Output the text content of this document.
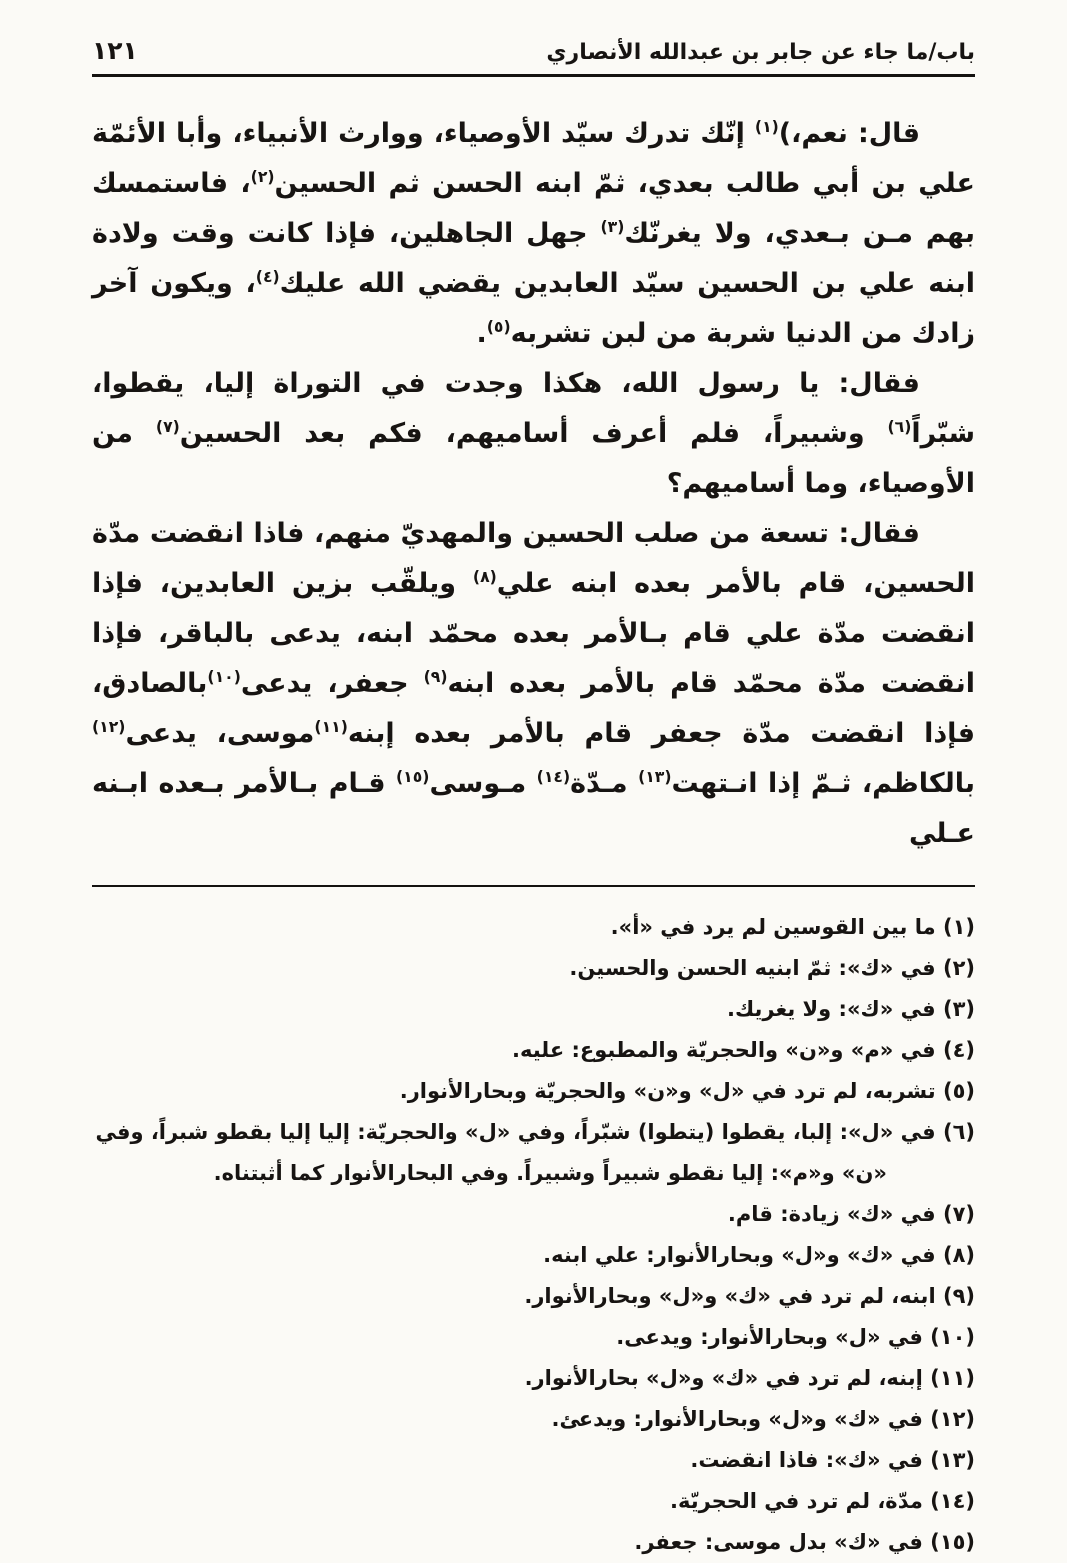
باب/ما جاء عن جابر بن عبدالله الأنصاري
١٢١

قال: نعم،)$^{(١)}$ إنّك تدرك سيّد الأوصياء، ووارث الأنبياء، وأبا الأئمّة علي بن أبي طالب بعدي، ثمّ ابنه الحسن ثم الحسين$^{(٢)}$، فاستمسك بهم مـن بـعدي، ولا يغرنّك$^{(٣)}$ جهل الجاهلين، فإذا كانت وقت ولادة ابنه علي بن الحسين سيّد العابدين يقضي الله عليك$^{(٤)}$، ويكون آخر زادك من الدنيا شربة من لبن تشربه$^{(٥)}$.

فقال: يا رسول الله، هكذا وجدت في التوراة إليا، يقطوا، شبّراً$^{(٦)}$ وشبيراً، فلم أعرف أساميهم، فكم بعد الحسين$^{(٧)}$ من الأوصياء، وما أساميهم؟

فقال: تسعة من صلب الحسين والمهديّ منهم، فاذا انقضت مدّة الحسين، قام بالأمر بعده ابنه علي$^{(٨)}$ ويلقّب بزين العابدين، فإذا انقضت مدّة علي قام بـالأمر بعده محمّد ابنه، يدعى بالباقر، فإذا انقضت مدّة محمّد قام بالأمر بعده ابنه$^{(٩)}$ جعفر، يدعى$^{(١٠)}$بالصادق، فإذا انقضت مدّة جعفر قام بالأمر بعده إبنه$^{(١١)}$موسى، يدعى$^{(١٢)}$ بالكاظم، ثـمّ إذا انـتهت$^{(١٣)}$ مـدّة$^{(١٤)}$ مـوسى$^{(١٥)}$ قـام بـالأمر بـعده ابـنه عـلي

(١) ما بين القوسين لم يرد في «أ».

(٢) في «ك»: ثمّ ابنيه الحسن والحسين.

(٣) في «ك»: ولا يغريك.

(٤) في «م» و«ن» والحجريّة والمطبوع: عليه.

(٥) تشربه، لم ترد في «ل» و«ن» والحجريّة وبحارالأنوار.

(٦) في «ل»: إلبا، يقطوا (يتطوا) شبّراً، وفي «ل» والحجريّة: إليا إليا بقطو شبراً، وفي «ن» و«م»: إليا نقطو شبيراً وشبيراً. وفي البحارالأنوار كما أثبتناه.

(٧) في «ك» زيادة: قام.

(٨) في «ك» و«ل» وبحارالأنوار: علي ابنه.

(٩) ابنه، لم ترد في «ك» و«ل» وبحارالأنوار.

(١٠) في «ل» وبحارالأنوار: ويدعى.

(١١) إبنه، لم ترد في «ك» و«ل» بحارالأنوار.

(١٢) في «ك» و«ل» وبحارالأنوار: ويدعئ.

(١٣) في «ك»: فاذا انقضت.

(١٤) مدّة، لم ترد في الحجريّة.

(١٥) في «ك» بدل موسى: جعفر.
